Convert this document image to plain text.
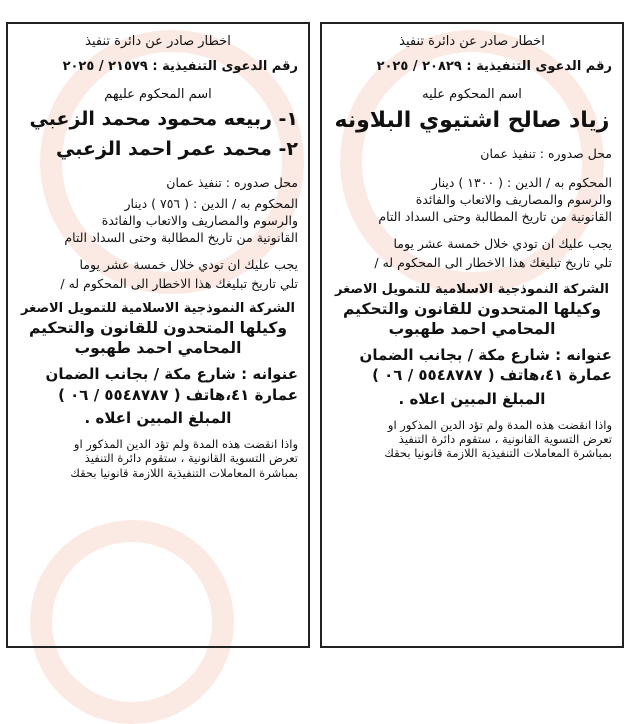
اخطار صادر عن دائرة تنفيذ
رقم الدعوى التنفيذية : ٢١٥٧٩ / ٢٠٢٥
اسم المحكوم عليهم
١- ربيعه محمود محمد الزعبي
٢- محمد عمر احمد الزعبي
محل صدوره : تنفيذ عمان
المحكوم به / الدين : ( ٧٥٦ ) دينار
والرسوم والمصاريف والاتعاب والفائدة
القانونية من تاريخ المطالبة وحتى السداد التام
يجب عليك ان تودي خلال خمسة عشر يوما
تلي تاريخ تبليغك هذا الاخطار الى المحكوم له /
الشركة النموذجية الاسلامية للتمويل الاصغر
وكيلها المتحدون للقانون والتحكيم
المحامي احمد طهبوب
عنوانه : شارع مكة / بجانب الضمان
عمارة ٤١،هاتف ( ٥٥٤٨٧٨٧ / ٠٦ )
المبلغ المبين اعلاه .
واذا انقضت هذه المدة ولم تؤد الدين المذكور او
تعرض التسوية القانونية ، ستقوم دائرة التنفيذ
بمباشرة المعاملات التنفيذية اللازمة قانونيا بحقك
اخطار صادر عن دائرة تنفيذ
رقم الدعوى التنفيذية : ٢٠٨٢٩ / ٢٠٢٥
اسم المحكوم عليه
زياد صالح اشتيوي البلاونه
محل صدوره : تنفيذ عمان
المحكوم به / الدين : ( ١٣٠٠ ) دينار
والرسوم والمصاريف والاتعاب والفائدة
القانونية من تاريخ المطالبة وحتى السداد التام
يجب عليك ان تودي خلال خمسة عشر يوما
تلي تاريخ تبليغك هذا الاخطار الى المحكوم له /
الشركة النموذجية الاسلامية للتمويل الاصغر
وكيلها المتحدون للقانون والتحكيم
المحامي احمد طهبوب
عنوانه : شارع مكة / بجانب الضمان
عمارة ٤١،هاتف ( ٥٥٤٨٧٨٧ / ٠٦ )
المبلغ المبين اعلاه .
واذا انقضت هذه المدة ولم تؤد الدين المذكور او
تعرض التسوية القانونية ، ستقوم دائرة التنفيذ
بمباشرة المعاملات التنفيذية اللازمة قانونيا بحقك
